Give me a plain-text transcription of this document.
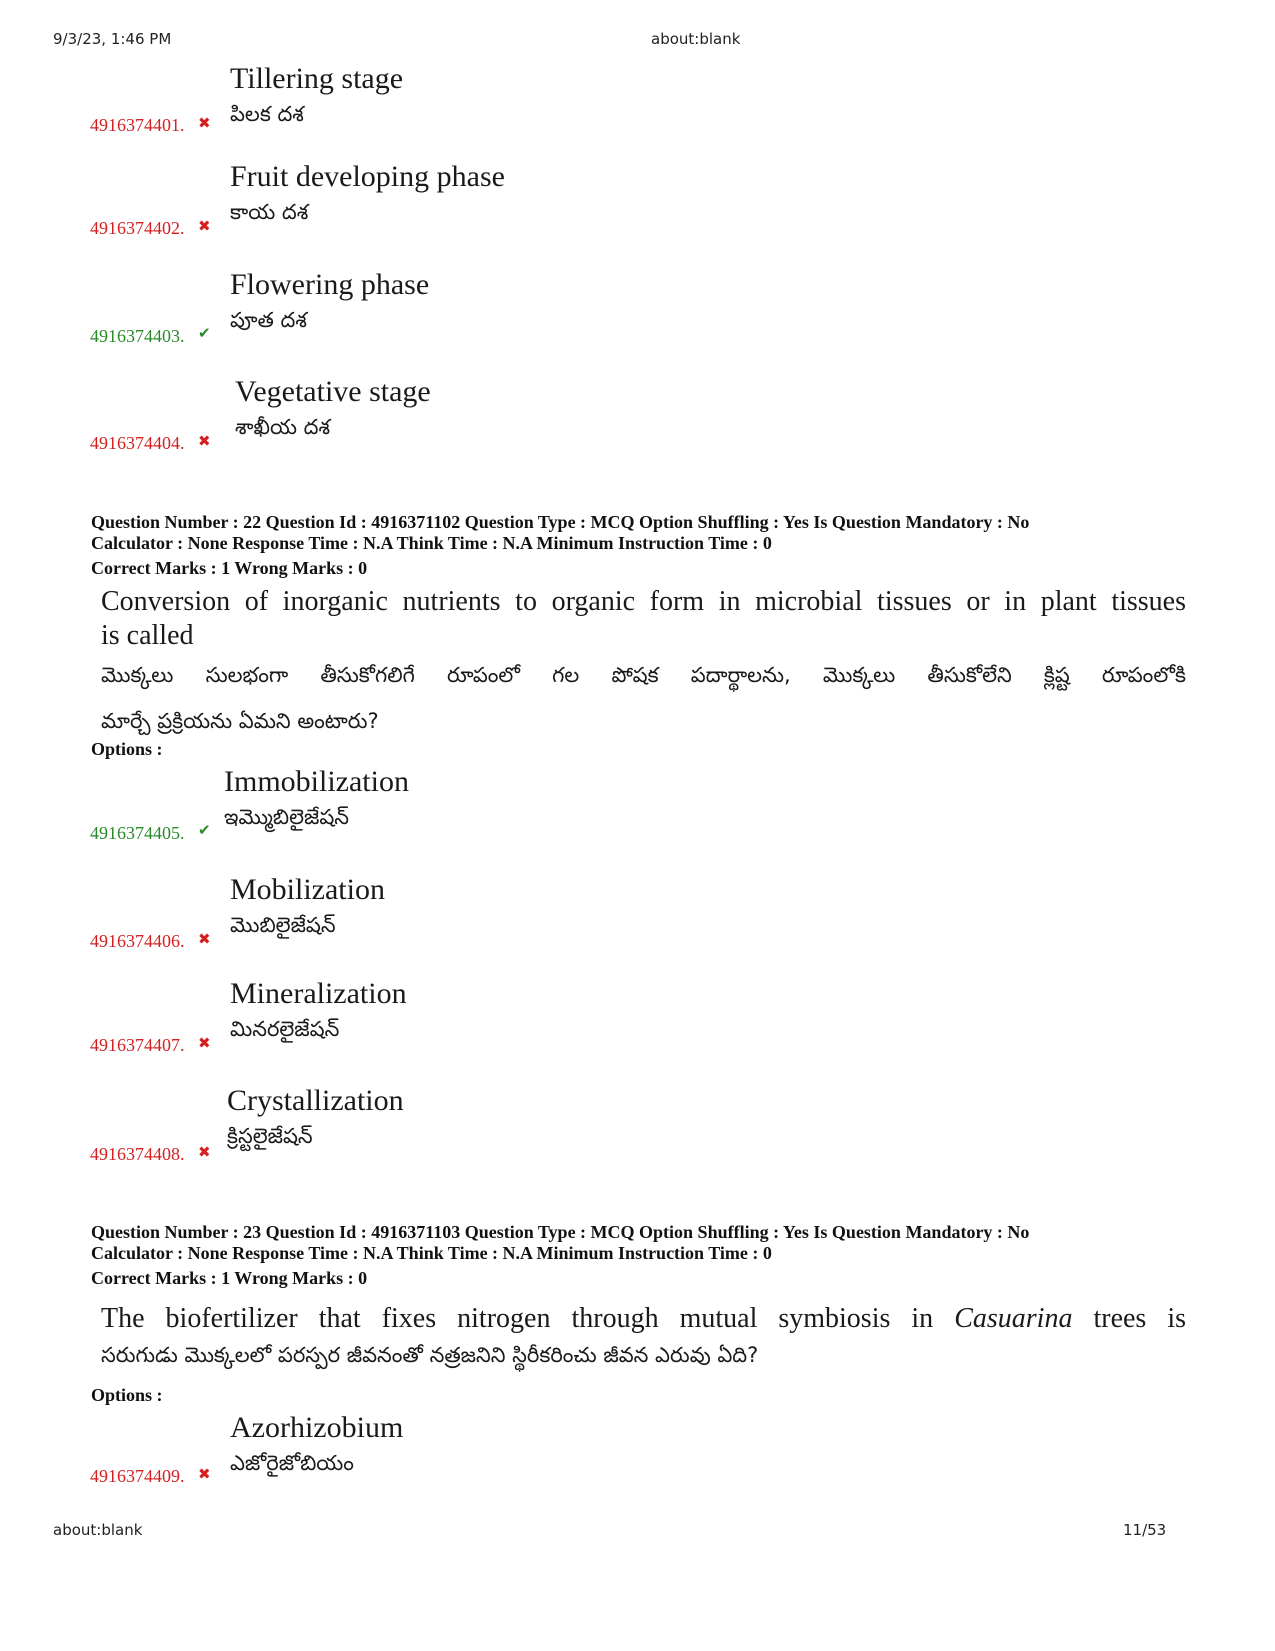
9/3/23, 1:46 PM	about:blank
Tillering stage
పిలక దశ
4916374401. ✖
Fruit developing phase
కాయ దశ
4916374402. ✖
Flowering phase
పూత దశ
4916374403. ✔
Vegetative stage
శాఖీయ దశ
4916374404. ✖
Question Number : 22 Question Id : 4916371102 Question Type : MCQ Option Shuffling : Yes Is Question Mandatory : No
Calculator : None Response Time : N.A Think Time : N.A Minimum Instruction Time : 0
Correct Marks : 1 Wrong Marks : 0
Conversion of inorganic nutrients to organic form in microbial tissues or in plant tissues
is called
మొక్కలు సులభంగా తీసుకోగలిగే రూపంలో గల పోషక పదార్థాలను, మొక్కలు తీసుకోలేని క్లిష్ట రూపంలోకి
మార్చే ప్రక్రియను ఏమని అంటారు?
Options :
Immobilization
ఇమ్మొబిలైజేషన్
4916374405. ✔
Mobilization
మొబిలైజేషన్
4916374406. ✖
Mineralization
మినరలైజేషన్
4916374407. ✖
Crystallization
క్రిస్టలైజేషన్
4916374408. ✖
Question Number : 23 Question Id : 4916371103 Question Type : MCQ Option Shuffling : Yes Is Question Mandatory : No
Calculator : None Response Time : N.A Think Time : N.A Minimum Instruction Time : 0
Correct Marks : 1 Wrong Marks : 0
The biofertilizer that fixes nitrogen through mutual symbiosis in Casuarina trees is
సరుగుడు మొక్కలలో పరస్పర జీవనంతో నత్రజనిని స్థిరీకరించు జీవన ఎరువు ఏది?
Options :
Azorhizobium
ఎజోరైజోబియం
4916374409. ✖
about:blank	11/53
